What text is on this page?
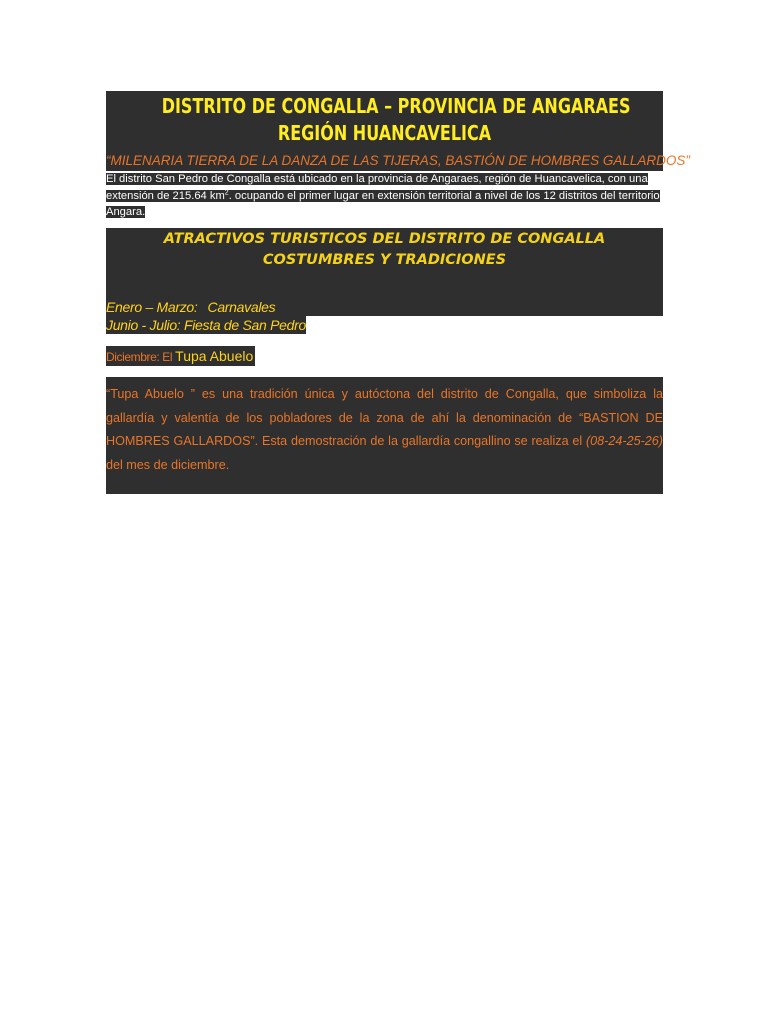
DISTRITO DE CONGALLA – PROVINCIA DE ANGARAES
REGIÓN HUANCAVELICA
“MILENARIA TIERRA DE LA DANZA DE LAS TIJERAS, BASTIÓN DE HOMBRES GALLARDOS”
El distrito San Pedro de Congalla está ubicado en la provincia de Angaraes, región de Huancavelica, con una extensión de 215.64 $km^2$. ocupando el primer lugar en extensión territorial a nivel de los 12 distritos del territorio Angara.
ATRACTIVOS TURISTICOS DEL DISTRITO DE CONGALLA
COSTUMBRES Y TRADICIONES
Enero – Marzo: Carnavales
Junio - Julio: Fiesta de San Pedro
Diciembre: El Tupa Abuelo
“Tupa Abuelo ” es una tradición única y autóctona del distrito de Congalla, que simboliza la gallardía y valentía de los pobladores de la zona de ahí la denominación de “BASTION DE HOMBRES GALLARDOS”. Esta demostración de la gallardía congallino se realiza el (08-24-25-26) del mes de diciembre.
